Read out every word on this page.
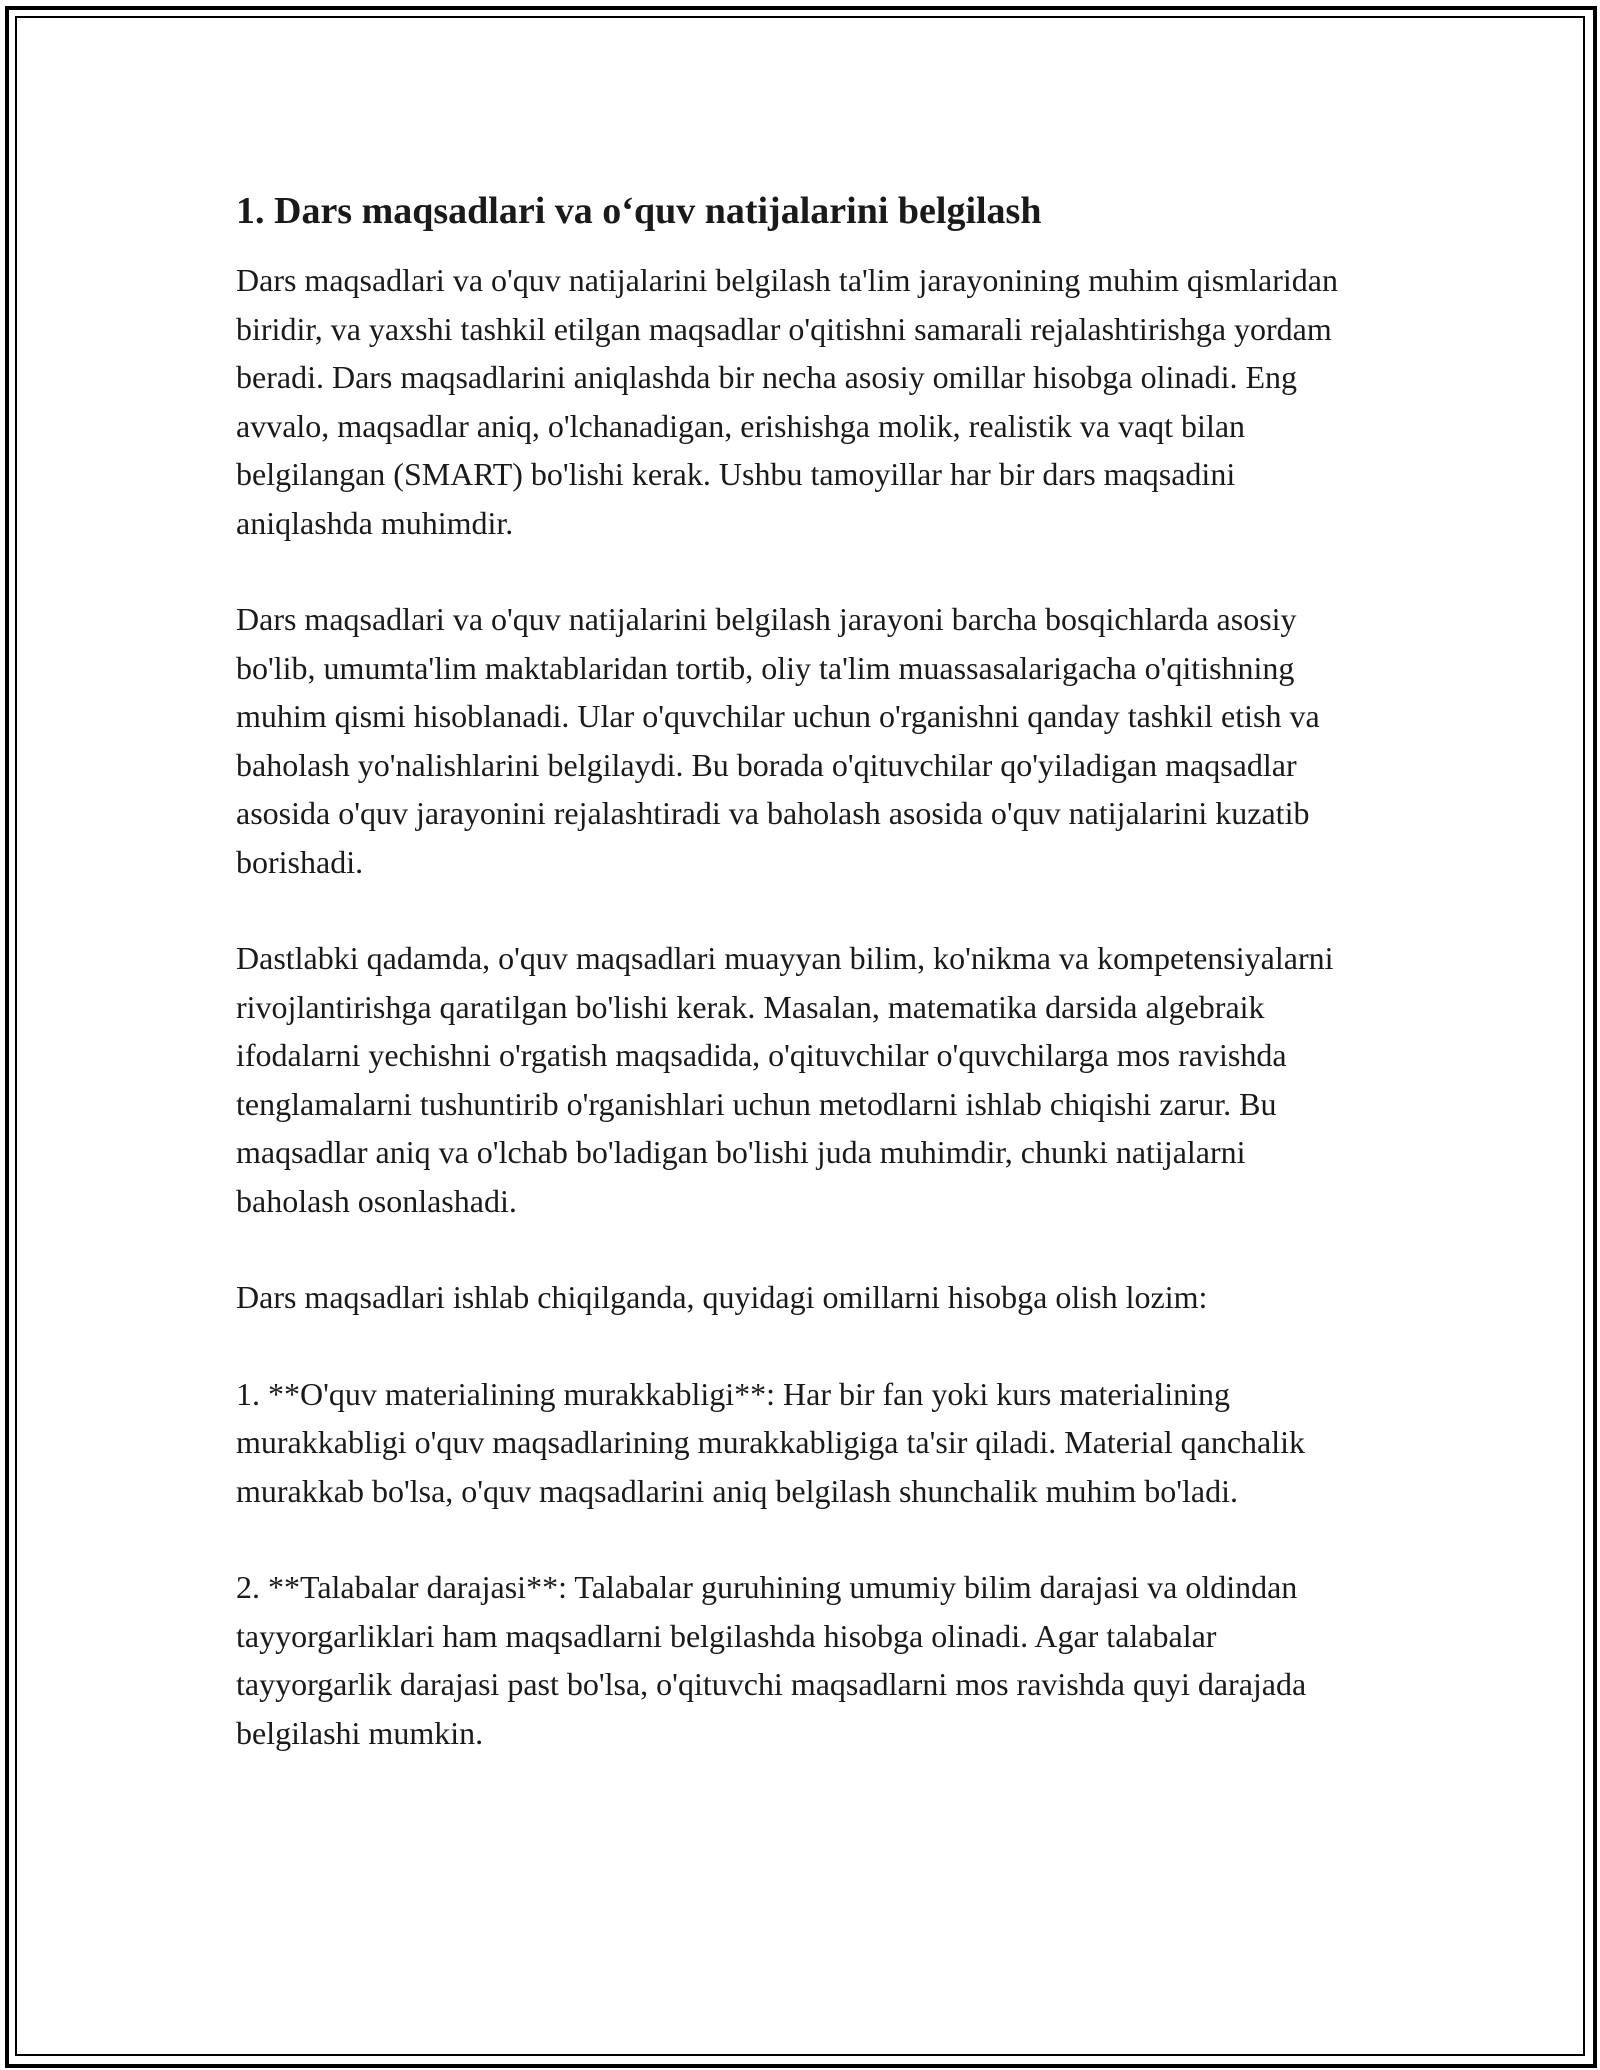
1. Dars maqsadlari va o‘quv natijalarini belgilash

Dars maqsadlari va o'quv natijalarini belgilash ta'lim jarayonining muhim qismlaridan biridir, va yaxshi tashkil etilgan maqsadlar o'qitishni samarali rejalashtirishga yordam beradi. Dars maqsadlarini aniqlashda bir necha asosiy omillar hisobga olinadi. Eng avvalo, maqsadlar aniq, o'lchanadigan, erishishga molik, realistik va vaqt bilan belgilangan (SMART) bo'lishi kerak. Ushbu tamoyillar har bir dars maqsadini aniqlashda muhimdir.

Dars maqsadlari va o'quv natijalarini belgilash jarayoni barcha bosqichlarda asosiy bo'lib, umumta'lim maktablaridan tortib, oliy ta'lim muassasalarigacha o'qitishning muhim qismi hisoblanadi. Ular o'quvchilar uchun o'rganishni qanday tashkil etish va baholash yo'nalishlarini belgilaydi. Bu borada o'qituvchilar qo'yiladigan maqsadlar asosida o'quv jarayonini rejalashtiradi va baholash asosida o'quv natijalarini kuzatib borishadi.

Dastlabki qadamda, o'quv maqsadlari muayyan bilim, ko'nikma va kompetensiyalarni rivojlantirishga qaratilgan bo'lishi kerak. Masalan, matematika darsida algebraik ifodalarni yechishni o'rgatish maqsadida, o'qituvchilar o'quvchilarga mos ravishda tenglamalarni tushuntirib o'rganishlari uchun metodlarni ishlab chiqishi zarur. Bu maqsadlar aniq va o'lchab bo'ladigan bo'lishi juda muhimdir, chunki natijalarni baholash osonlashadi.

Dars maqsadlari ishlab chiqilganda, quyidagi omillarni hisobga olish lozim:

1. **O'quv materialining murakkabligi**: Har bir fan yoki kurs materialining murakkabligi o'quv maqsadlarining murakkabligiga ta'sir qiladi. Material qanchalik murakkab bo'lsa, o'quv maqsadlarini aniq belgilash shunchalik muhim bo'ladi.

2. **Talabalar darajasi**: Talabalar guruhining umumiy bilim darajasi va oldindan tayyorgarliklari ham maqsadlarni belgilashda hisobga olinadi. Agar talabalar tayyorgarlik darajasi past bo'lsa, o'qituvchi maqsadlarni mos ravishda quyi darajada belgilashi mumkin.
